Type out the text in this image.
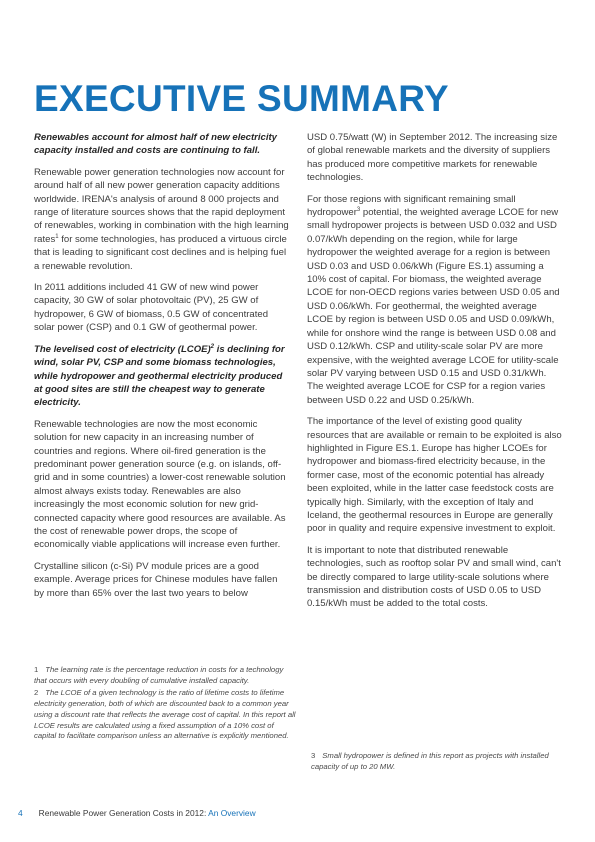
EXECUTIVE SUMMARY

Renewables account for almost half of new electricity capacity installed and costs are continuing to fall.

Renewable power generation technologies now account for around half of all new power generation capacity additions worldwide. IRENA's analysis of around 8 000 projects and range of literature sources shows that the rapid deployment of renewables, working in combination with the high learning rates$^1$ for some technologies, has produced a virtuous circle that is leading to significant cost declines and is helping fuel a renewable revolution.

In 2011 additions included 41 GW of new wind power capacity, 30 GW of solar photovoltaic (PV), 25 GW of hydropower, 6 GW of biomass, 0.5 GW of concentrated solar power (CSP) and 0.1 GW of geothermal power.

The levelised cost of electricity (LCOE)$^2$ is declining for wind, solar PV, CSP and some biomass technologies, while hydropower and geothermal electricity produced at good sites are still the cheapest way to generate electricity.

Renewable technologies are now the most economic solution for new capacity in an increasing number of countries and regions. Where oil-fired generation is the predominant power generation source (e.g. on islands, off-grid and in some countries) a lower-cost renewable solution almost always exists today. Renewables are also increasingly the most economic solution for new grid-connected capacity where good resources are available. As the cost of renewable power drops, the scope of economically viable applications will increase even further.

Crystalline silicon (c-Si) PV module prices are a good example. Average prices for Chinese modules have fallen by more than 65% over the last two years to below

USD 0.75/watt (W) in September 2012. The increasing size of global renewable markets and the diversity of suppliers has produced more competitive markets for renewable technologies.

For those regions with significant remaining small hydropower$^3$ potential, the weighted average LCOE for new small hydropower projects is between USD 0.032 and USD 0.07/kWh depending on the region, while for large hydropower the weighted average for a region is between USD 0.03 and USD 0.06/kWh (Figure ES.1) assuming a 10% cost of capital. For biomass, the weighted average LCOE for non-OECD regions varies between USD 0.05 and USD 0.06/kWh. For geothermal, the weighted average LCOE by region is between USD 0.05 and USD 0.09/kWh, while for onshore wind the range is between USD 0.08 and USD 0.12/kWh. CSP and utility-scale solar PV are more expensive, with the weighted average LCOE for utility-scale solar PV varying between USD 0.15 and USD 0.31/kWh. The weighted average LCOE for CSP for a region varies between USD 0.22 and USD 0.25/kWh.

The importance of the level of existing good quality resources that are available or remain to be exploited is also highlighted in Figure ES.1. Europe has higher LCOEs for hydropower and biomass-fired electricity because, in the former case, most of the economic potential has already been exploited, while in the latter case feedstock costs are typically high. Similarly, with the exception of Italy and Iceland, the geothermal resources in Europe are generally poor in quality and require expensive investment to exploit.

It is important to note that distributed renewable technologies, such as rooftop solar PV and small wind, can't be directly compared to large utility-scale solutions where transmission and distribution costs of USD 0.05 to USD 0.15/kWh must be added to the total costs.

1 The learning rate is the percentage reduction in costs for a technology that occurs with every doubling of cumulative installed capacity.

2 The LCOE of a given technology is the ratio of lifetime costs to lifetime electricity generation, both of which are discounted back to a common year using a discount rate that reflects the average cost of capital. In this report all LCOE results are calculated using a fixed assumption of a 10% cost of capital to facilitate comparison unless an alternative is explicitly mentioned.

3 Small hydropower is defined in this report as projects with installed capacity of up to 20 MW.

4 Renewable Power Generation Costs in 2012: An Overview
